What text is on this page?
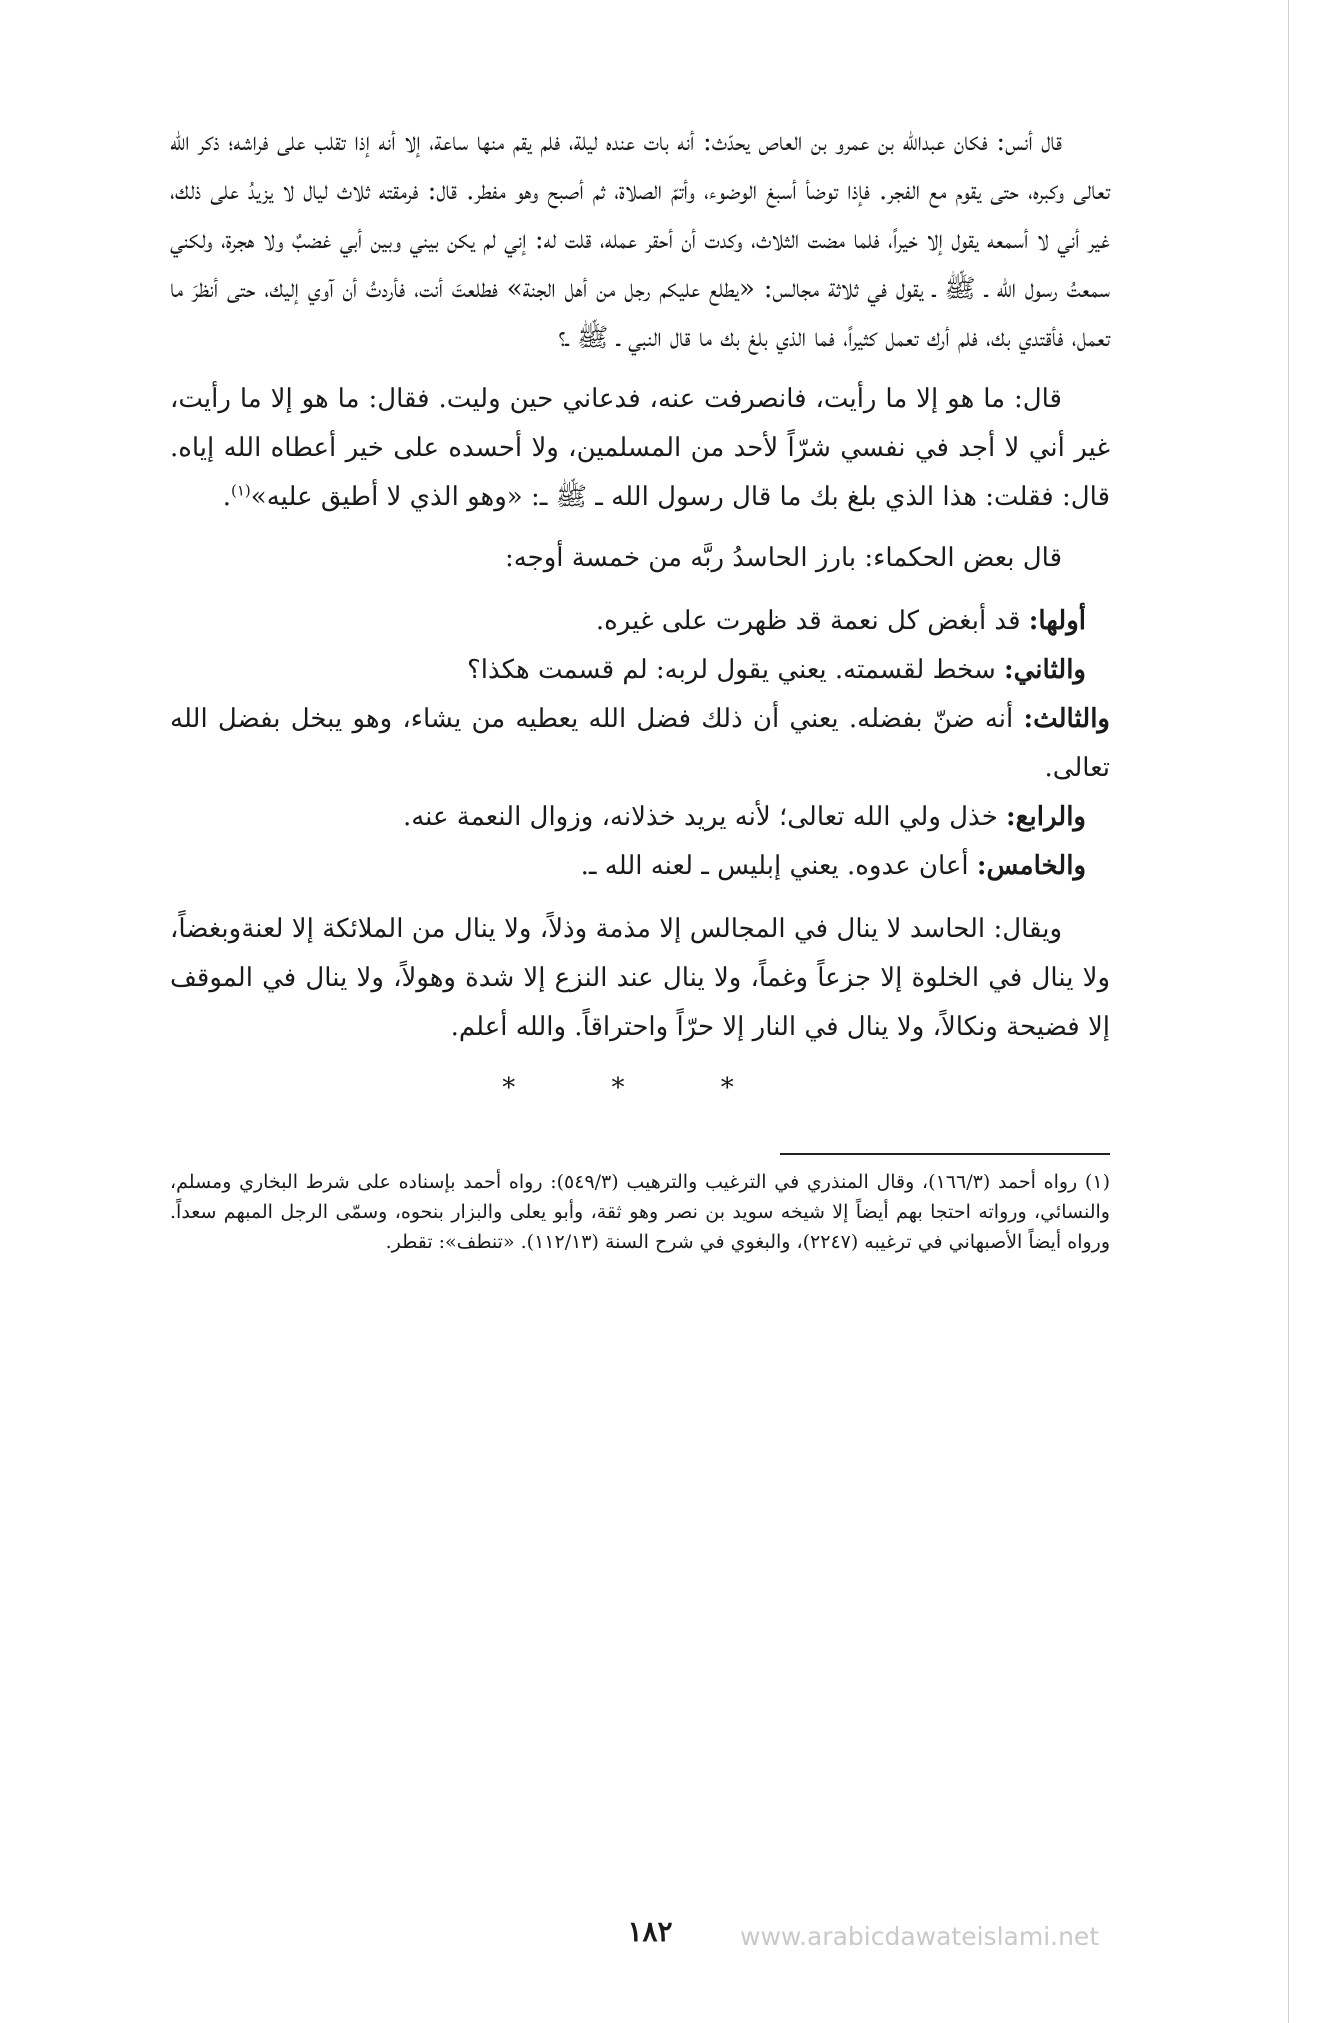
قال أنس: فكان عبدالله بن عمرو بن العاص يحدّث: أنه بات عنده ليلة، فلم يقم منها ساعة، إلا أنه إذا تقلب على فراشه؛ ذكر الله تعالى وكبره، حتى يقوم مع الفجر. فإذا توضأ أسبغ الوضوء، وأتمّ الصلاة، ثم أصبح وهو مفطر. قال: فرمقته ثلاث ليال لا يزيدُ على ذلك، غير أني لا أسمعه يقول إلا خيراً، فلما مضت الثلاث، وكدت أن أحقر عمله، قلت له: إني لم يكن بيني وبين أبي غضبٌ ولا هجرة، ولكني سمعتُ رسول الله ـ ﷺ ـ يقول في ثلاثة مجالس: «يطلع عليكم رجل من أهل الجنة» فطلعتَ أنت، فأردتُ أن آوي إليك، حتى أنظرَ ما تعمل، فأقتدي بك، فلم أرك تعمل كثيراً، فما الذي بلغ بك ما قال النبي ـ ﷺ ـ؟

قال: ما هو إلا ما رأيت، فانصرفت عنه، فدعاني حين وليت. فقال: ما هو إلا ما رأيت، غير أني لا أجد في نفسي شرّاً لأحد من المسلمين، ولا أحسده على خير أعطاه الله إياه. قال: فقلت: هذا الذي بلغ بك ما قال رسول الله ـ ﷺ ـ: «وهو الذي لا أطيق عليه»$^{(١)}$.

قال بعض الحكماء: بارز الحاسدُ ربَّه من خمسة أوجه:

أولها: قد أبغض كل نعمة قد ظهرت على غيره.

والثاني: سخط لقسمته. يعني يقول لربه: لم قسمت هكذا؟

والثالث: أنه ضنّ بفضله. يعني أن ذلك فضل الله يعطيه من يشاء، وهو يبخل بفضل الله تعالى.

والرابع: خذل ولي الله تعالى؛ لأنه يريد خذلانه، وزوال النعمة عنه.

والخامس: أعان عدوه. يعني إبليس ـ لعنه الله ـ.

ويقال: الحاسد لا ينال في المجالس إلا مذمة وذلاً، ولا ينال من الملائكة إلا لعنةوبغضاً، ولا ينال في الخلوة إلا جزعاً وغماً، ولا ينال عند النزع إلا شدة وهولاً، ولا ينال في الموقف إلا فضيحة ونكالاً، ولا ينال في النار إلا حرّاً واحتراقاً. والله أعلم.

* * *

(١) رواه أحمد (١٦٦/٣)، وقال المنذري في الترغيب والترهيب (٥٤٩/٣): رواه أحمد بإسناده على شرط البخاري ومسلم، والنسائي، ورواته احتجا بهم أيضاً إلا شيخه سويد بن نصر وهو ثقة، وأبو يعلى والبزار بنحوه، وسمّى الرجل المبهم سعداً. ورواه أيضاً الأصبهاني في ترغيبه (٢٢٤٧)، والبغوي في شرح السنة (١١٢/١٣). «تنطف»: تقطر.

١٨٢	www.arabicdawateislami.net
